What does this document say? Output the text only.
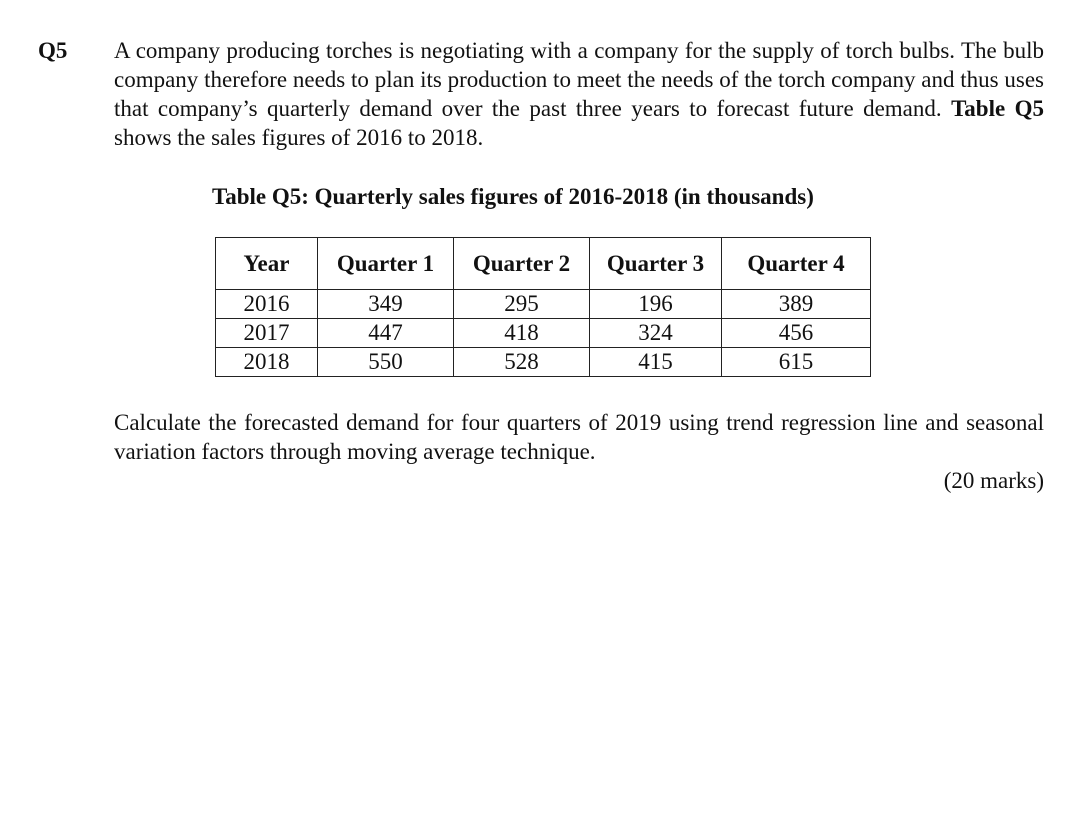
Q5 A company producing torches is negotiating with a company for the supply of torch bulbs. The bulb company therefore needs to plan its production to meet the needs of the torch company and thus uses that company’s quarterly demand over the past three years to forecast future demand. Table Q5 shows the sales figures of 2016 to 2018.
Table Q5: Quarterly sales figures of 2016-2018 (in thousands)
Year	Quarter 1	Quarter 2	Quarter 3	Quarter 4
2016	349	295	196	389
2017	447	418	324	456
2018	550	528	415	615
Calculate the forecasted demand for four quarters of 2019 using trend regression line and seasonal variation factors through moving average technique.
(20 marks)
